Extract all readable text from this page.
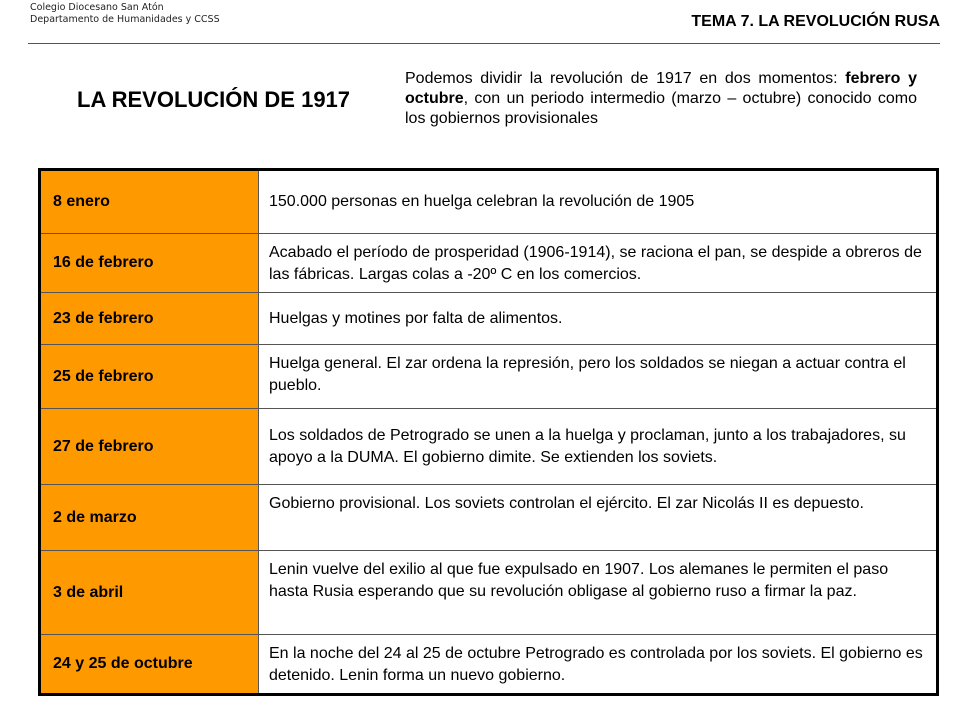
Colegio Diocesano San Atón
Departamento de Humanidades y CCSS	TEMA 7. LA REVOLUCIÓN RUSA
LA REVOLUCIÓN DE 1917
Podemos dividir la revolución de 1917 en dos momentos: febrero y octubre, con un periodo intermedio (marzo – octubre) conocido como los gobiernos provisionales
8 enero	150.000 personas en huelga celebran la revolución de 1905
16 de febrero	Acabado el período de prosperidad (1906-1914), se raciona el pan, se despide a obreros de las fábricas. Largas colas a -20º C en los comercios.
23 de febrero	Huelgas y motines por falta de alimentos.
25 de febrero	Huelga general. El zar ordena la represión, pero los soldados se niegan a actuar contra el pueblo.
27 de febrero	Los soldados de Petrogrado se unen a la huelga y proclaman, junto a los trabajadores, su apoyo a la DUMA. El gobierno dimite. Se extienden los soviets.
2 de marzo	Gobierno provisional. Los soviets controlan el ejército. El zar Nicolás II es depuesto.
3 de abril	Lenin vuelve del exilio al que fue expulsado en 1907. Los alemanes le permiten el paso hasta Rusia esperando que su revolución obligase al gobierno ruso a firmar la paz.
24 y 25 de octubre	En la noche del 24 al 25 de octubre Petrogrado es controlada por los soviets. El gobierno es detenido. Lenin forma un nuevo gobierno.
